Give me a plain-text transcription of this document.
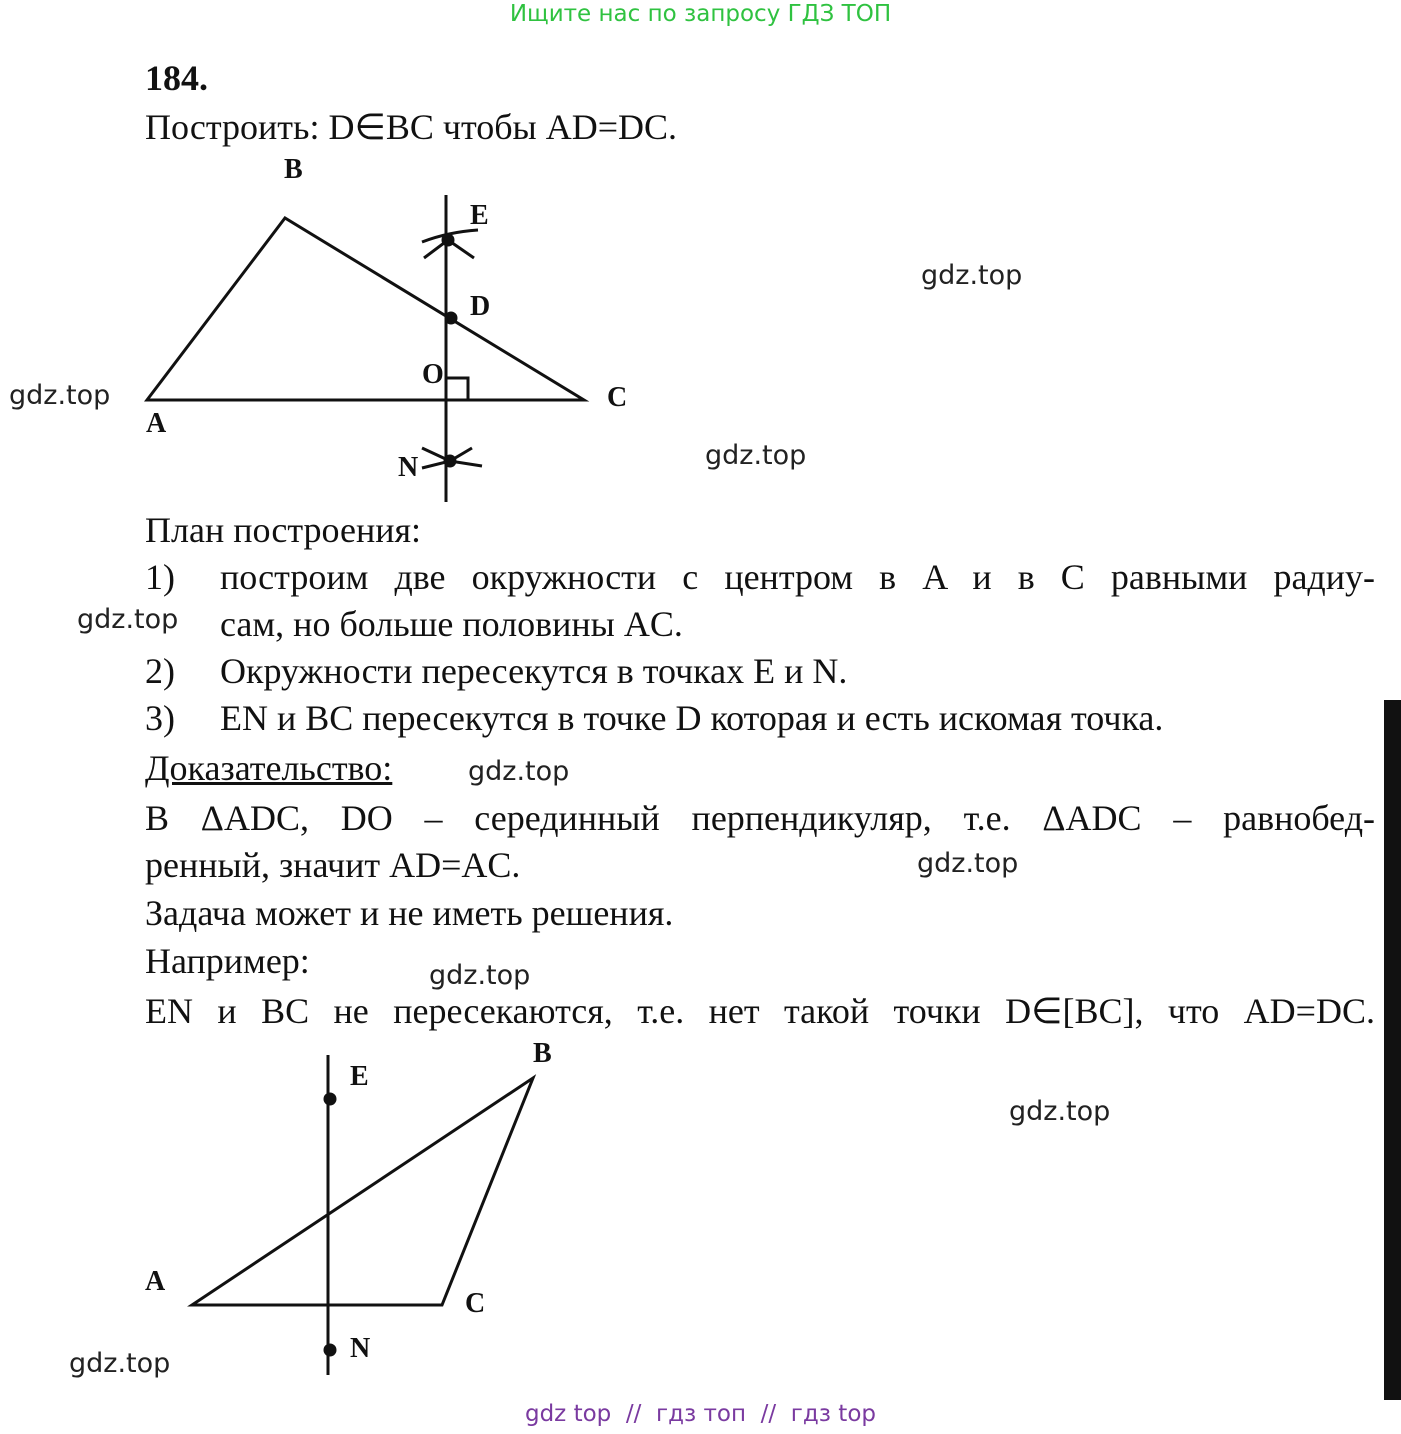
Ищите нас по запросу ГДЗ ТОП
184.
Построить: D∈BC чтобы AD=DC.
B
A
C
E
D
O
N
План построения:
1) построим две окружности с центром в A и в C равными радиу-
сам, но больше половины AC.
2) Окружности пересекутся в точках E и N.
3) EN и BC пересекутся в точке D которая и есть искомая точка.
Доказательство:
В ΔADC, DO – серединный перпендикуляр, т.е. ΔADC – равнобед-
ренный, значит AD=AC.
Задача может и не иметь решения.
Например:
EN и BC не пересекаются, т.е. нет такой точки D∈[BC], что AD=DC.
B
E
A
C
N
gdz.top
gdz.top
gdz.top
gdz.top
gdz.top
gdz.top
gdz.top
gdz.top
gdz.top
gdz top  //  гдз топ  //  гдз top
